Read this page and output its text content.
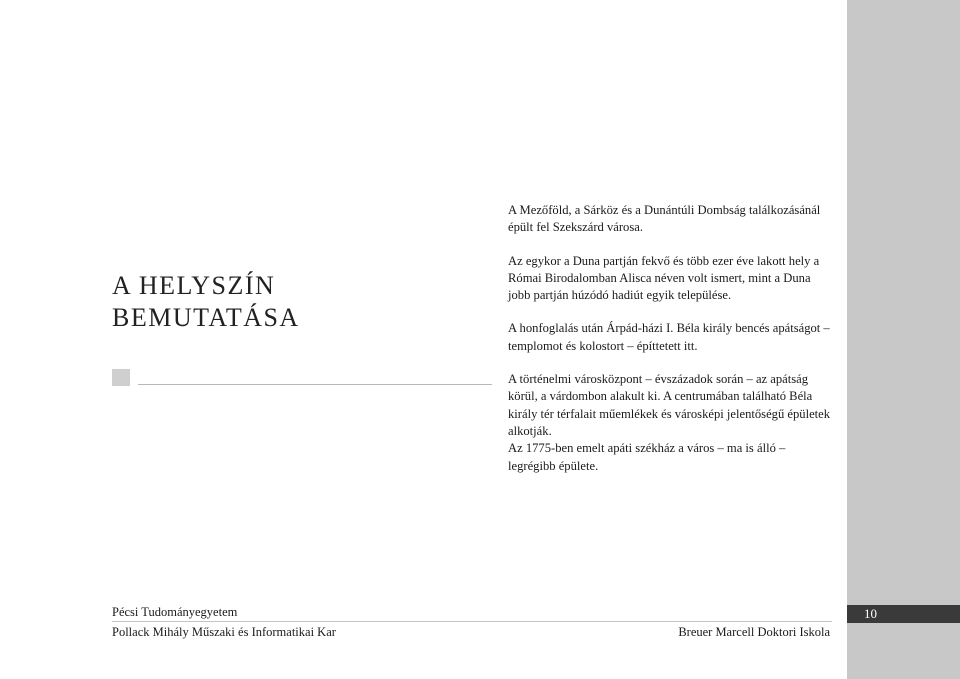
10
A HELYSZÍN
BEMUTATÁSA

A Mezőföld, a Sárköz és a Dunántúli Dombság találkozásánál épült fel Szekszárd városa.

Az egykor a Duna partján fekvő és több ezer éve lakott hely a Római Birodalomban Alisca néven volt ismert, mint a Duna jobb partján húzódó hadiút egyik települése.

A honfoglalás után Árpád-házi I. Béla király bencés apátságot – templomot és kolostort – építtetett itt.

A történelmi városközpont – évszázadok során – az apátság körül, a várdombon alakult ki. A centrumában található Béla király tér térfalait műemlékek és városképi jelentőségű épületek alkotják.

Az 1775-ben emelt apáti székház a város – ma is álló – legrégibb épülete.

Pécsi Tudományegyetem
Pollack Mihály Műszaki és Informatikai Kar	Breuer Marcell Doktori Iskola
